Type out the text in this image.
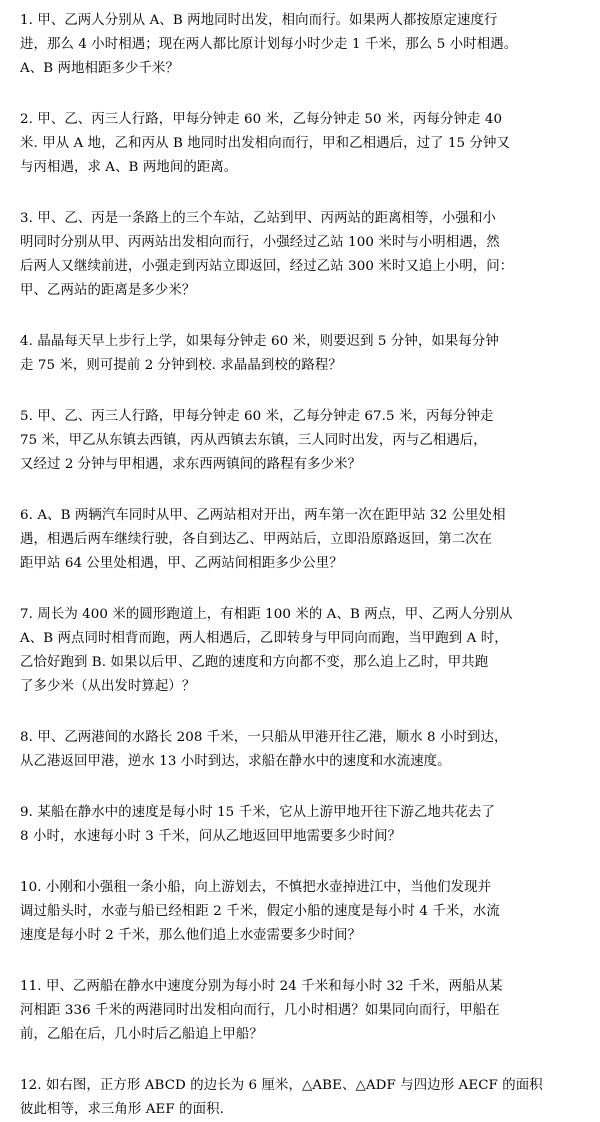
1. 甲、乙两人分别从 A、B 两地同时出发，相向而行。如果两人都按原定速度行

进，那么 4 小时相遇；现在两人都比原计划每小时少走 1 千米，那么 5 小时相遇。

A、B 两地相距多少千米？

2. 甲、乙、丙三人行路，甲每分钟走 60 米，乙每分钟走 50 米，丙每分钟走 40

米. 甲从 A 地，乙和丙从 B 地同时出发相向而行，甲和乙相遇后，过了 15 分钟又

与丙相遇，求 A、B 两地间的距离。

3. 甲、乙、丙是一条路上的三个车站，乙站到甲、丙两站的距离相等，小强和小

明同时分别从甲、丙两站出发相向而行，小强经过乙站 100 米时与小明相遇，然

后两人又继续前进，小强走到丙站立即返回，经过乙站 300 米时又追上小明，问：

甲、乙两站的距离是多少米？

4. 晶晶每天早上步行上学，如果每分钟走 60 米，则要迟到 5 分钟，如果每分钟

走 75 米，则可提前 2 分钟到校. 求晶晶到校的路程？

5. 甲、乙、丙三人行路，甲每分钟走 60 米，乙每分钟走 67.5 米，丙每分钟走

75 米，甲乙从东镇去西镇，丙从西镇去东镇，三人同时出发，丙与乙相遇后，

又经过 2 分钟与甲相遇，求东西两镇间的路程有多少米？

6. A、B 两辆汽车同时从甲、乙两站相对开出，两车第一次在距甲站 32 公里处相

遇，相遇后两车继续行驶，各自到达乙、甲两站后，立即沿原路返回，第二次在

距甲站 64 公里处相遇，甲、乙两站间相距多少公里？

7. 周长为 400 米的圆形跑道上，有相距 100 米的 A、B 两点，甲、乙两人分别从

A、B 两点同时相背而跑，两人相遇后，乙即转身与甲同向而跑，当甲跑到 A 时，

乙恰好跑到 B. 如果以后甲、乙跑的速度和方向都不变，那么追上乙时，甲共跑

了多少米（从出发时算起）？

8. 甲、乙两港间的水路长 208 千米，一只船从甲港开往乙港，顺水 8 小时到达，

从乙港返回甲港，逆水 13 小时到达，求船在静水中的速度和水流速度。

9. 某船在静水中的速度是每小时 15 千米，它从上游甲地开往下游乙地共花去了

8 小时，水速每小时 3 千米，问从乙地返回甲地需要多少时间？

10. 小刚和小强租一条小船，向上游划去，不慎把水壶掉进江中，当他们发现并

调过船头时，水壶与船已经相距 2 千米，假定小船的速度是每小时 4 千米，水流

速度是每小时 2 千米，那么他们追上水壶需要多少时间？

11. 甲、乙两船在静水中速度分别为每小时 24 千米和每小时 32 千米，两船从某

河相距 336 千米的两港同时出发相向而行，几小时相遇？如果同向而行，甲船在

前，乙船在后，几小时后乙船追上甲船？

12. 如右图，正方形 ABCD 的边长为 6 厘米，△ABE、△ADF 与四边形 AECF 的面积

彼此相等，求三角形 AEF 的面积.
